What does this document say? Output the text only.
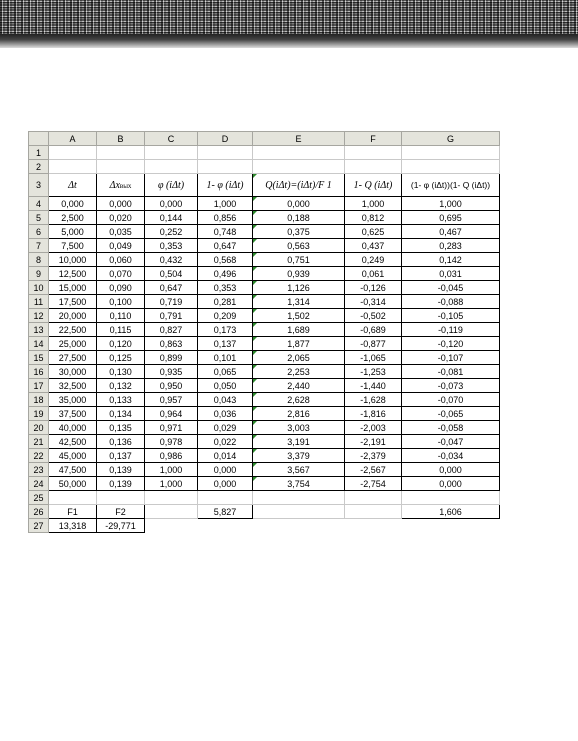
	A	B	C	D	E	F	G
1							
2							
3	Δt	Δxвых	φ (iΔt)	1- φ (iΔt)	Q(iΔt)=(iΔt)/F 1	1- Q (iΔt)	(1- φ (iΔt))(1- Q (iΔt))
4	0,000	0,000	0,000	1,000	0,000	1,000	1,000
5	2,500	0,020	0,144	0,856	0,188	0,812	0,695
6	5,000	0,035	0,252	0,748	0,375	0,625	0,467
7	7,500	0,049	0,353	0,647	0,563	0,437	0,283
8	10,000	0,060	0,432	0,568	0,751	0,249	0,142
9	12,500	0,070	0,504	0,496	0,939	0,061	0,031
10	15,000	0,090	0,647	0,353	1,126	-0,126	-0,045
11	17,500	0,100	0,719	0,281	1,314	-0,314	-0,088
12	20,000	0,110	0,791	0,209	1,502	-0,502	-0,105
13	22,500	0,115	0,827	0,173	1,689	-0,689	-0,119
14	25,000	0,120	0,863	0,137	1,877	-0,877	-0,120
15	27,500	0,125	0,899	0,101	2,065	-1,065	-0,107
16	30,000	0,130	0,935	0,065	2,253	-1,253	-0,081
17	32,500	0,132	0,950	0,050	2,440	-1,440	-0,073
18	35,000	0,133	0,957	0,043	2,628	-1,628	-0,070
19	37,500	0,134	0,964	0,036	2,816	-1,816	-0,065
20	40,000	0,135	0,971	0,029	3,003	-2,003	-0,058
21	42,500	0,136	0,978	0,022	3,191	-2,191	-0,047
22	45,000	0,137	0,986	0,014	3,379	-2,379	-0,034
23	47,500	0,139	1,000	0,000	3,567	-2,567	0,000
24	50,000	0,139	1,000	0,000	3,754	-2,754	0,000
25							
26	F1	F2		5,827			1,606
27	13,318	-29,771					
